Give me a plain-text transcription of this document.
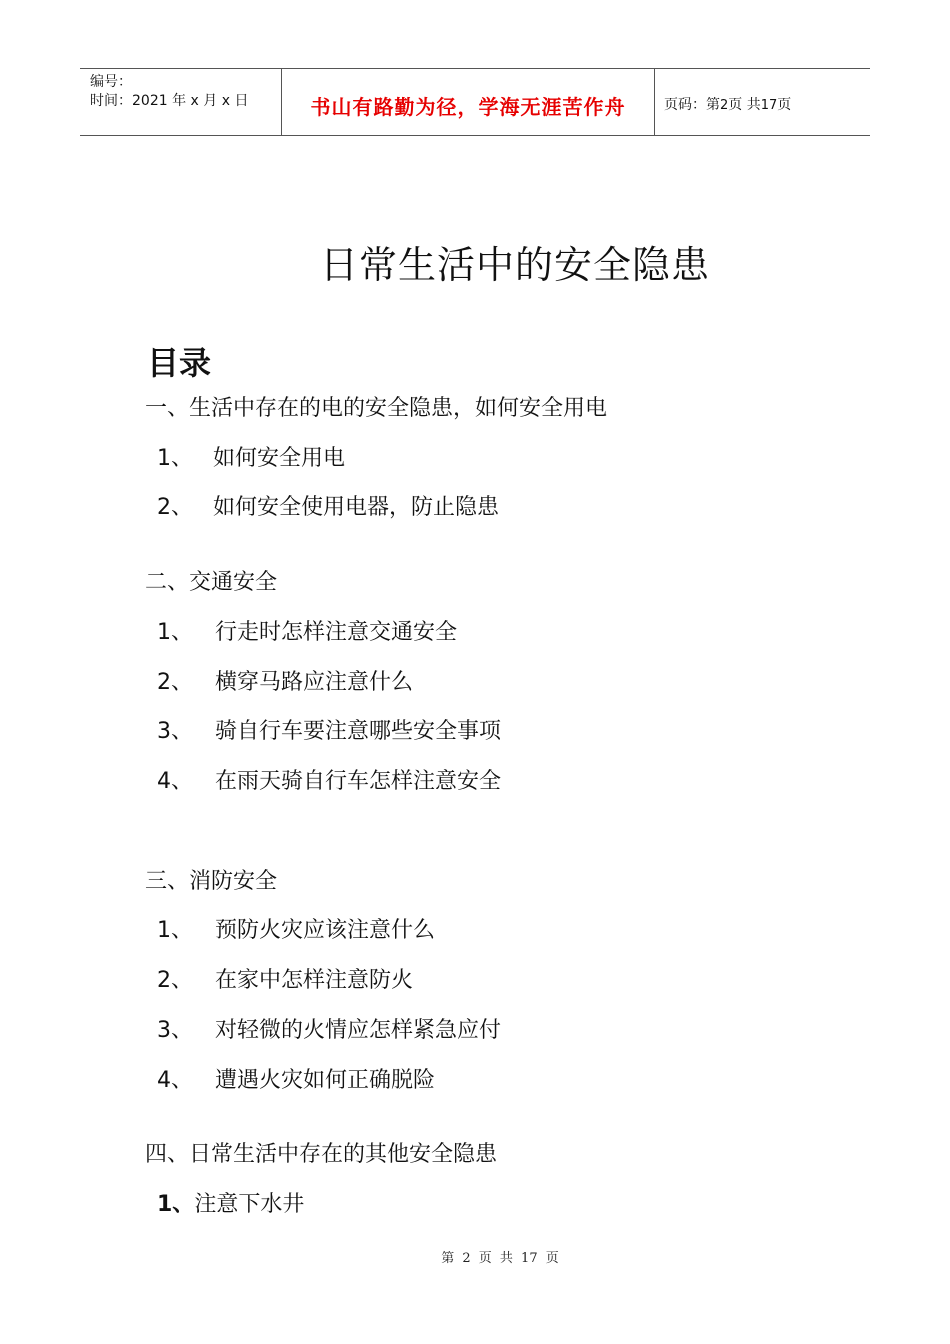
编号：
时间：2021 年 x 月 x 日	书山有路勤为径，学海无涯苦作舟	页码：第2页 共17页
日常生活中的安全隐患
目录
一、生活中存在的电的安全隐患，如何安全用电
1、 如何安全用电
2、 如何安全使用电器，防止隐患
二、交通安全
1、 行走时怎样注意交通安全
2、 横穿马路应注意什么
3、 骑自行车要注意哪些安全事项
4、 在雨天骑自行车怎样注意安全
三、消防安全
1、 预防火灾应该注意什么
2、 在家中怎样注意防火
3、 对轻微的火情应怎样紧急应付
4、 遭遇火灾如何正确脱险
四、日常生活中存在的其他安全隐患
1、注意下水井
第 2 页 共 17 页
